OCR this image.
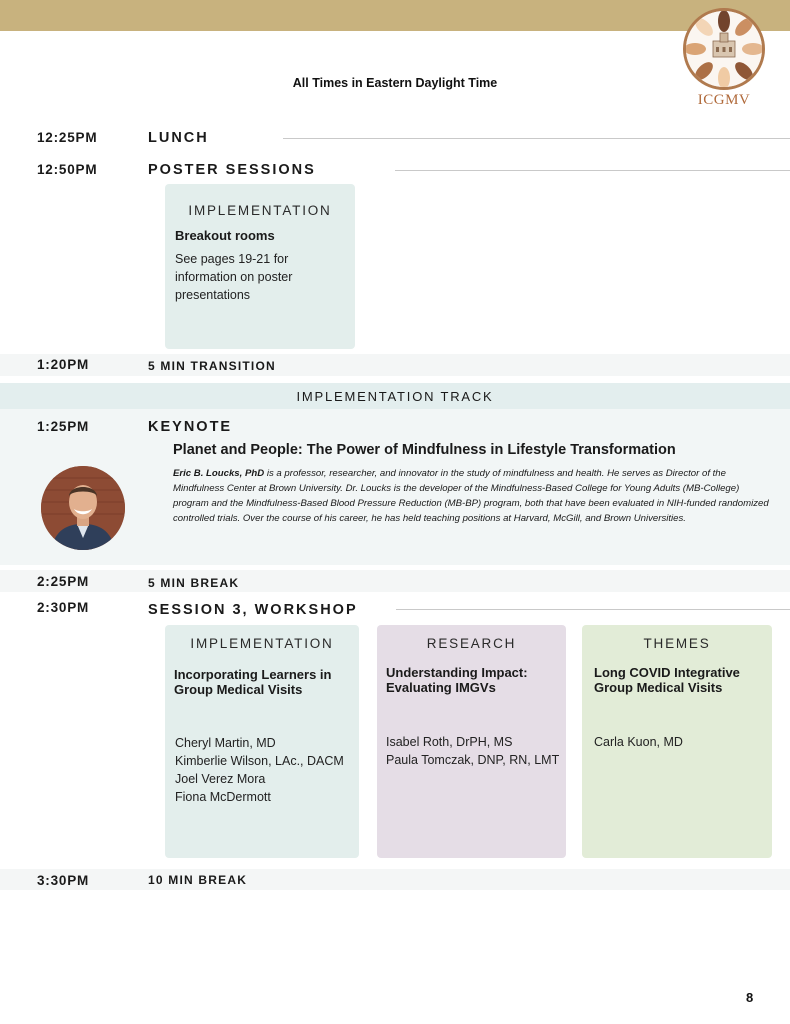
ICGMV
All Times in Eastern Daylight Time
12:25PM	LUNCH
12:50PM	POSTER SESSIONS
IMPLEMENTATION
Breakout rooms
See pages 19-21 for
information on poster
presentations
1:20PM	5 MIN TRANSITION
IMPLEMENTATION TRACK
1:25PM	KEYNOTE
Planet and People: The Power of Mindfulness in Lifestyle Transformation
Eric B. Loucks, PhD is a professor, researcher, and innovator in the study of mindfulness and health. He serves as Director of the Mindfulness Center at Brown University. Dr. Loucks is the developer of the Mindfulness-Based College for Young Adults (MB-College) program and the Mindfulness-Based Blood Pressure Reduction (MB-BP) program, both that have been evaluated in NIH-funded randomized controlled trials. Over the course of his career, he has held teaching positions at Harvard, McGill, and Brown Universities.
2:25PM	5 MIN BREAK
2:30PM	SESSION 3, WORKSHOP
IMPLEMENTATION
Incorporating Learners in
Group Medical Visits
Cheryl Martin, MD
Kimberlie Wilson, LAc., DACM
Joel Verez Mora
Fiona McDermott
RESEARCH
Understanding Impact:
Evaluating IMGVs
Isabel Roth, DrPH, MS
Paula Tomczak, DNP, RN, LMT
THEMES
Long COVID Integrative
Group Medical Visits
Carla Kuon, MD
3:30PM	10 MIN BREAK
8
